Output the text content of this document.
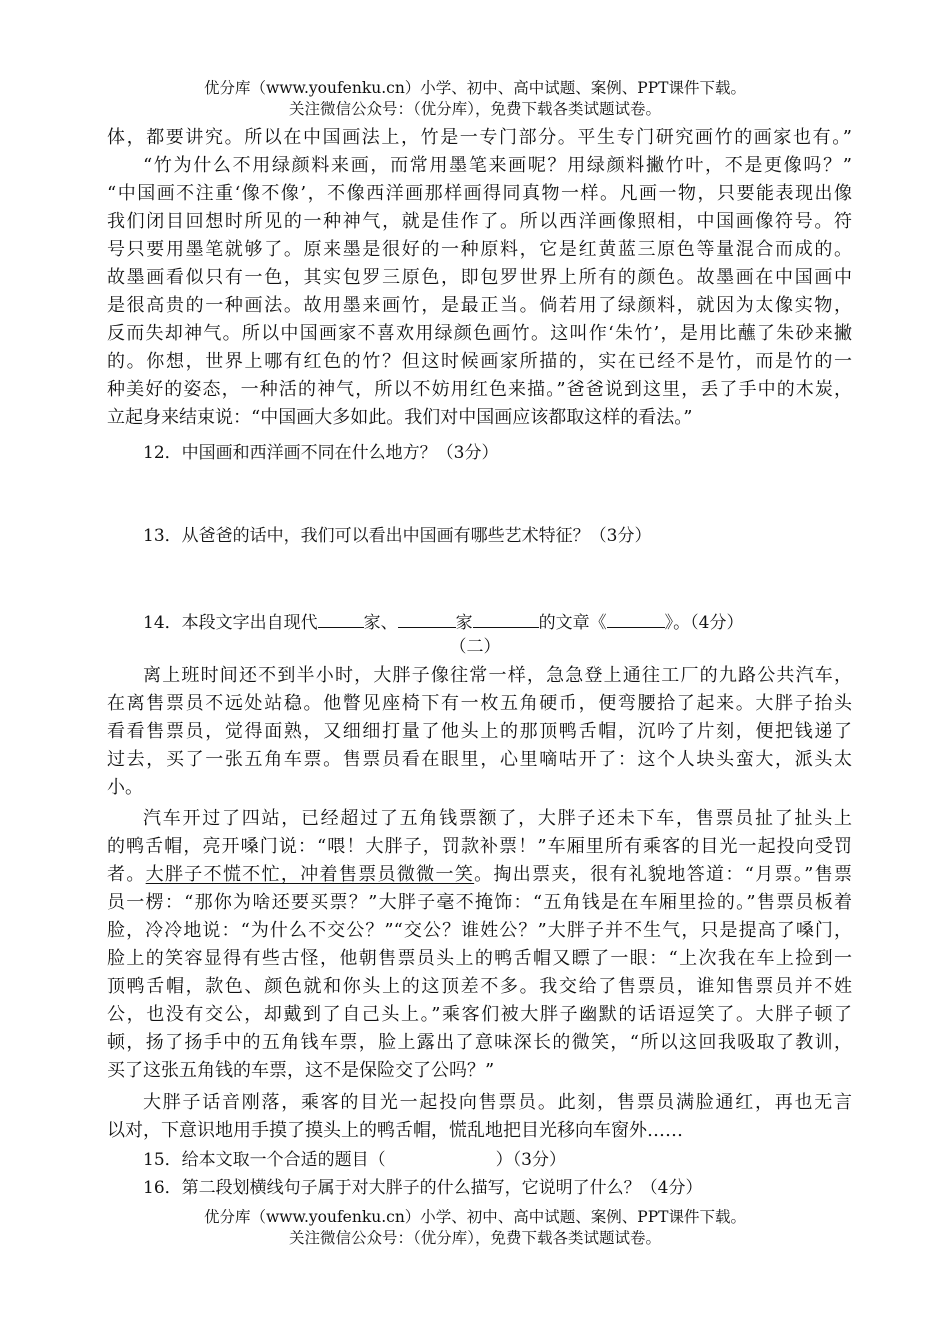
优分库（www.youfenku.cn）小学、初中、高中试题、案例、PPT课件下载。
关注微信公众号：（优分库），免费下载各类试题试卷。
体，都要讲究。所以在中国画法上，竹是一专门部分。平生专门研究画竹的画家也有。”
“竹为什么不用绿颜料来画，而常用墨笔来画呢？用绿颜料撇竹叶，不是更像吗？”
“中国画不注重‘像不像’，不像西洋画那样画得同真物一样。凡画一物，只要能表现出像
我们闭目回想时所见的一种神气，就是佳作了。所以西洋画像照相，中国画像符号。符
号只要用墨笔就够了。原来墨是很好的一种原料，它是红黄蓝三原色等量混合而成的。
故墨画看似只有一色，其实包罗三原色，即包罗世界上所有的颜色。故墨画在中国画中
是很高贵的一种画法。故用墨来画竹，是最正当。倘若用了绿颜料，就因为太像实物，
反而失却神气。所以中国画家不喜欢用绿颜色画竹。这叫作‘朱竹’，是用比蘸了朱砂来撇
的。你想，世界上哪有红色的竹？但这时候画家所描的，实在已经不是竹，而是竹的一
种美好的姿态，一种活的神气，所以不妨用红色来描。”爸爸说到这里，丢了手中的木炭，
立起身来结束说：“中国画大多如此。我们对中国画应该都取这样的看法。”
12．中国画和西洋画不同在什么地方？（3分）
13．从爸爸的话中，我们可以看出中国画有哪些艺术特征？（3分）
14．本段文字出自现代	家、	家	的文章《	》。（4分）
（二）
离上班时间还不到半小时，大胖子像往常一样，急急登上通往工厂的九路公共汽车，
在离售票员不远处站稳。他瞥见座椅下有一枚五角硬币，便弯腰拾了起来。大胖子抬头
看看售票员，觉得面熟，又细细打量了他头上的那顶鸭舌帽，沉吟了片刻，便把钱递了
过去，买了一张五角车票。售票员看在眼里，心里嘀咕开了：这个人块头蛮大，派头太
小。
汽车开过了四站，已经超过了五角钱票额了，大胖子还未下车，售票员扯了扯头上
的鸭舌帽，亮开嗓门说：“喂！大胖子，罚款补票！”车厢里所有乘客的目光一起投向受罚
者。大胖子不慌不忙，冲着售票员微微一笑。掏出票夹，很有礼貌地答道：“月票。”售票
员一楞：“那你为啥还要买票？”大胖子毫不掩饰：“五角钱是在车厢里捡的。”售票员板着
脸，冷冷地说：“为什么不交公？”“交公？谁姓公？”大胖子并不生气，只是提高了嗓门，
脸上的笑容显得有些古怪，他朝售票员头上的鸭舌帽又瞟了一眼：“上次我在车上捡到一
顶鸭舌帽，款色、颜色就和你头上的这顶差不多。我交给了售票员，谁知售票员并不姓
公，也没有交公，却戴到了自己头上。”乘客们被大胖子幽默的话语逗笑了。大胖子顿了
顿，扬了扬手中的五角钱车票，脸上露出了意味深长的微笑，“所以这回我吸取了教训，
买了这张五角钱的车票，这不是保险交了公吗？”
大胖子话音刚落，乘客的目光一起投向售票员。此刻，售票员满脸通红，再也无言
以对，下意识地用手摸了摸头上的鸭舌帽，慌乱地把目光移向车窗外……
15．给本文取一个合适的题目（	）（3分）
16．第二段划横线句子属于对大胖子的什么描写，它说明了什么？（4分）
优分库（www.youfenku.cn）小学、初中、高中试题、案例、PPT课件下载。
关注微信公众号：（优分库），免费下载各类试题试卷。
